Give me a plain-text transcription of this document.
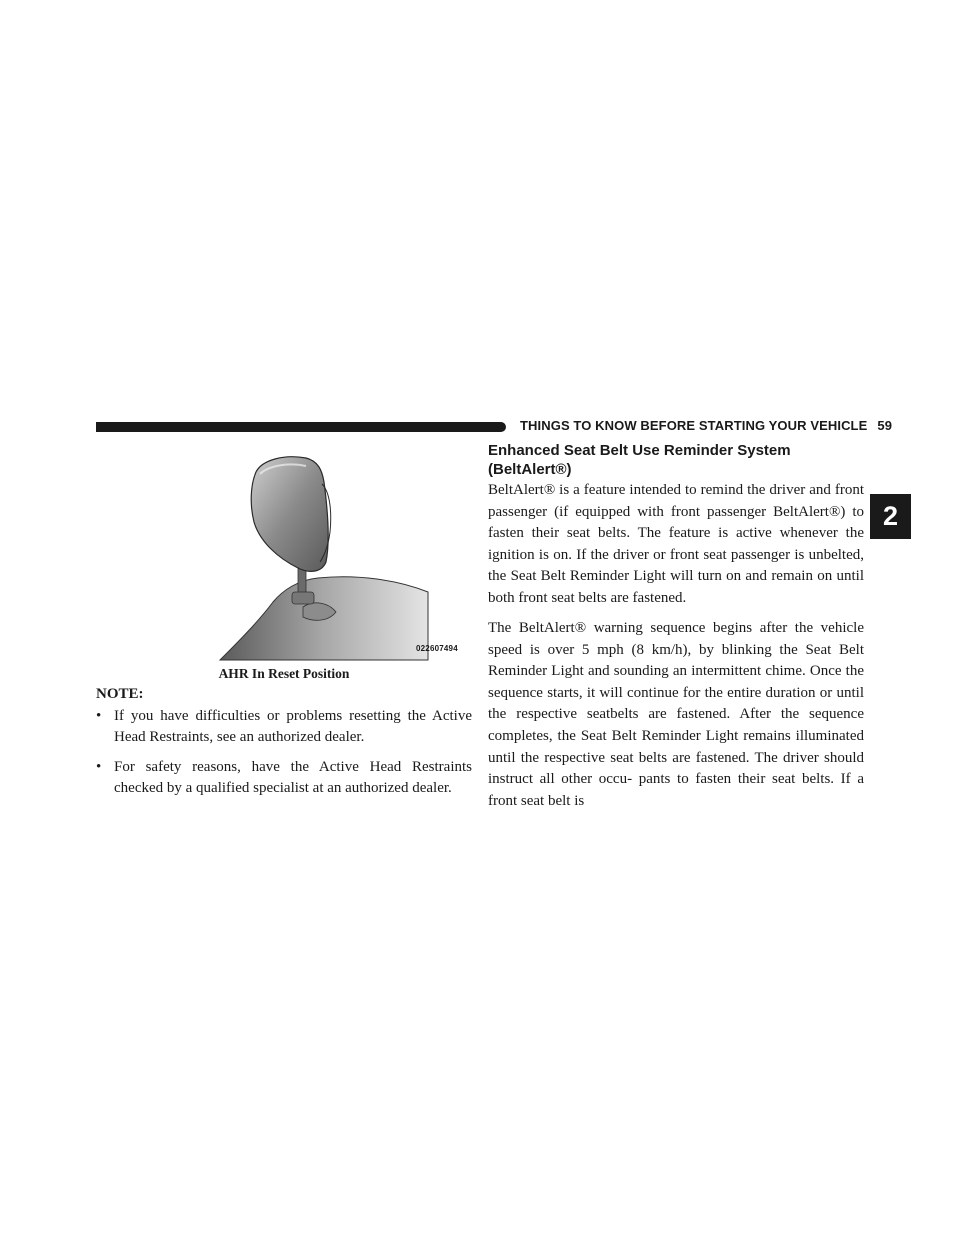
THINGS TO KNOW BEFORE STARTING YOUR VEHICLE 59
2
022607494
AHR In Reset Position
NOTE:
• If you have difficulties or problems resetting the Active Head Restraints, see an authorized dealer.
• For safety reasons, have the Active Head Restraints checked by a qualified specialist at an authorized dealer.
Enhanced Seat Belt Use Reminder System (BeltAlert®)

BeltAlert® is a feature intended to remind the driver and front passenger (if equipped with front passenger BeltAlert®) to fasten their seat belts. The feature is active whenever the ignition is on. If the driver or front seat passenger is unbelted, the Seat Belt Reminder Light will turn on and remain on until both front seat belts are fastened.

The BeltAlert® warning sequence begins after the vehicle speed is over 5 mph (8 km/h), by blinking the Seat Belt Reminder Light and sounding an intermittent chime. Once the sequence starts, it will continue for the entire duration or until the respective seatbelts are fastened. After the sequence completes, the Seat Belt Reminder Light remains illuminated until the respective seat belts are fastened. The driver should instruct all other occu- pants to fasten their seat belts. If a front seat belt is
